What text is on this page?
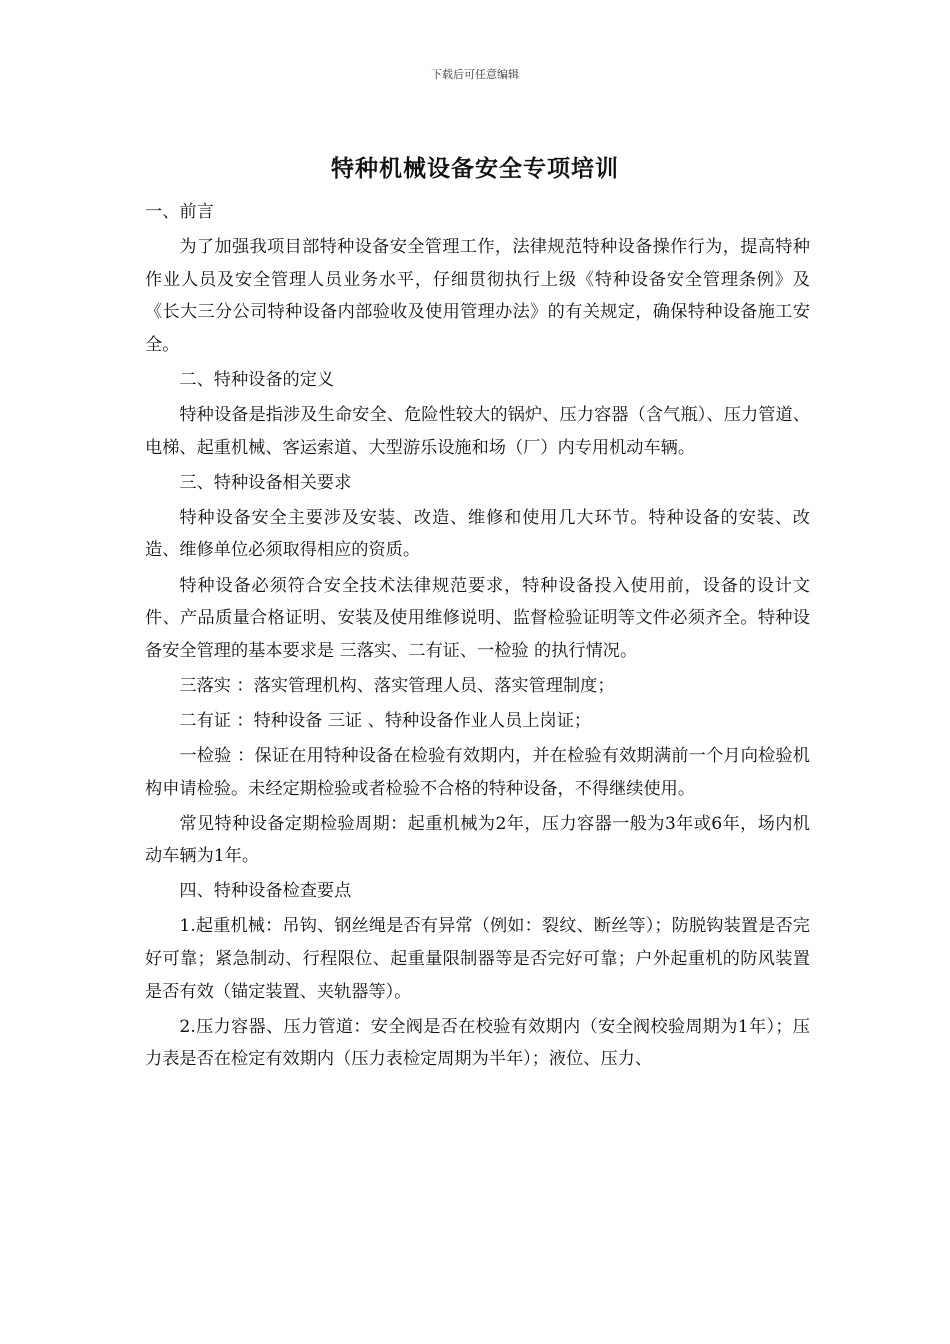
下载后可任意编辑
特种机械设备安全专项培训

一、前言

为了加强我项目部特种设备安全管理工作，法律规范特种设备操作行为，提高特种作业人员及安全管理人员业务水平，仔细贯彻执行上级《特种设备安全管理条例》及《长大三分公司特种设备内部验收及使用管理办法》的有关规定，确保特种设备施工安全。

二、特种设备的定义

特种设备是指涉及生命安全、危险性较大的锅炉、压力容器（含气瓶）、压力管道、电梯、起重机械、客运索道、大型游乐设施和场（厂）内专用机动车辆。

三、特种设备相关要求

特种设备安全主要涉及安装、改造、维修和使用几大环节。特种设备的安装、改造、维修单位必须取得相应的资质。

特种设备必须符合安全技术法律规范要求，特种设备投入使用前，设备的设计文件、产品质量合格证明、安装及使用维修说明、监督检验证明等文件必须齐全。特种设备安全管理的基本要求是 三落实、二有证、一检验 的执行情况。

三落实 ：落实管理机构、落实管理人员、落实管理制度；

二有证 ：特种设备 三证 、特种设备作业人员上岗证；

一检验 ：保证在用特种设备在检验有效期内，并在检验有效期满前一个月向检验机构申请检验。未经定期检验或者检验不合格的特种设备，不得继续使用。

常见特种设备定期检验周期：起重机械为2年，压力容器一般为3年或6年，场内机动车辆为1年。

四、特种设备检查要点

1.起重机械：吊钩、钢丝绳是否有异常（例如：裂纹、断丝等）；防脱钩装置是否完好可靠；紧急制动、行程限位、起重量限制器等是否完好可靠；户外起重机的防风装置是否有效（锚定装置、夹轨器等）。

2.压力容器、压力管道：安全阀是否在校验有效期内（安全阀校验周期为1年）；压力表是否在检定有效期内（压力表检定周期为半年）；液位、压力、
